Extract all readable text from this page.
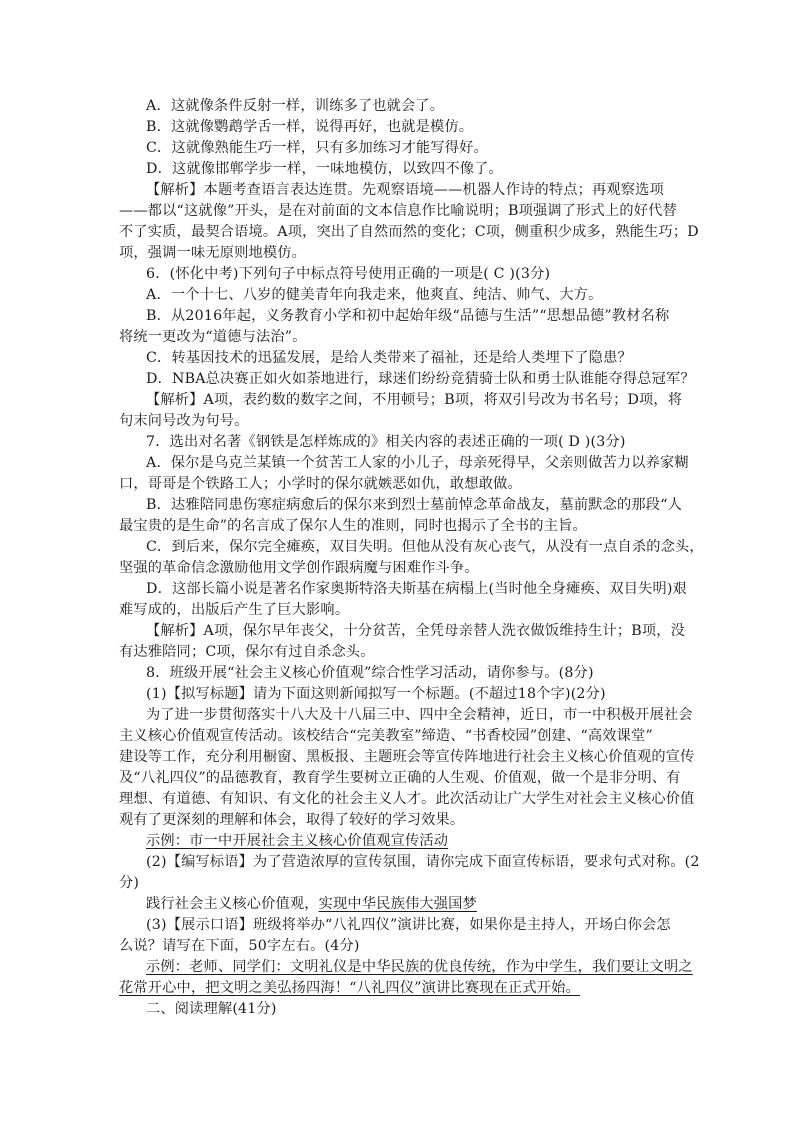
A．这就像条件反射一样，训练多了也就会了。
B．这就像鹦鹉学舌一样，说得再好，也就是模仿。
C．这就像熟能生巧一样，只有多加练习才能写得好。
D．这就像邯郸学步一样，一味地模仿，以致四不像了。
【解析】本题考查语言表达连贯。先观察语境——机器人作诗的特点；再观察选项
——都以“这就像”开头，是在对前面的文本信息作比喻说明；B项强调了形式上的好代替
不了实质，最契合语境。A项，突出了自然而然的变化；C项，侧重积少成多，熟能生巧；D
项，强调一味无原则地模仿。
6．(怀化中考)下列句子中标点符号使用正确的一项是( C )(3分)
A．一个十七、八岁的健美青年向我走来，他爽直、纯洁、帅气、大方。
B．从2016年起，义务教育小学和初中起始年级“品德与生活”“思想品德”教材名称
将统一更改为“道德与法治”。
C．转基因技术的迅猛发展，是给人类带来了福祉，还是给人类埋下了隐患？
D．NBA总决赛正如火如荼地进行，球迷们纷纷竞猜骑士队和勇士队谁能夺得总冠军？
【解析】A项，表约数的数字之间，不用顿号；B项，将双引号改为书名号；D项，将
句末问号改为句号。
7．选出对名著《钢铁是怎样炼成的》相关内容的表述正确的一项( D )(3分)
A．保尔是乌克兰某镇一个贫苦工人家的小儿子，母亲死得早，父亲则做苦力以养家糊
口，哥哥是个铁路工人；小学时的保尔就嫉恶如仇，敢想敢做。
B．达雅陪同患伤寒症病愈后的保尔来到烈士墓前悼念革命战友，墓前默念的那段“人
最宝贵的是生命”的名言成了保尔人生的准则，同时也揭示了全书的主旨。
C．到后来，保尔完全瘫痪，双目失明。但他从没有灰心丧气，从没有一点自杀的念头，
坚强的革命信念激励他用文学创作跟病魔与困难作斗争。
D．这部长篇小说是著名作家奥斯特洛夫斯基在病榻上(当时他全身瘫痪、双目失明)艰
难写成的，出版后产生了巨大影响。
【解析】A项，保尔早年丧父，十分贫苦，全凭母亲替人洗衣做饭维持生计；B项，没
有达雅陪同；C项，保尔有过自杀念头。
8．班级开展“社会主义核心价值观”综合性学习活动，请你参与。(8分)
(1)【拟写标题】请为下面这则新闻拟写一个标题。(不超过18个字)(2分)
为了进一步贯彻落实十八大及十八届三中、四中全会精神，近日，市一中积极开展社会
主义核心价值观宣传活动。该校结合“完美教室”缔造、“书香校园”创建、“高效课堂”
建设等工作，充分利用橱窗、黑板报、主题班会等宣传阵地进行社会主义核心价值观的宣传
及“八礼四仪”的品德教育，教育学生要树立正确的人生观、价值观，做一个是非分明、有
理想、有道德、有知识、有文化的社会主义人才。此次活动让广大学生对社会主义核心价值
观有了更深刻的理解和体会，取得了较好的学习效果。
示例：市一中开展社会主义核心价值观宣传活动
(2)【编写标语】为了营造浓厚的宣传氛围，请你完成下面宣传标语，要求句式对称。(2
分)
践行社会主义核心价值观，实现中华民族伟大强国梦
(3)【展示口语】班级将举办“八礼四仪”演讲比赛，如果你是主持人，开场白你会怎
么说？请写在下面，50字左右。(4分)
示例：老师、同学们：文明礼仪是中华民族的优良传统，作为中学生，我们要让文明之
花常开心中，把文明之美弘扬四海！“八礼四仪”演讲比赛现在正式开始。
二、阅读理解(41分)
